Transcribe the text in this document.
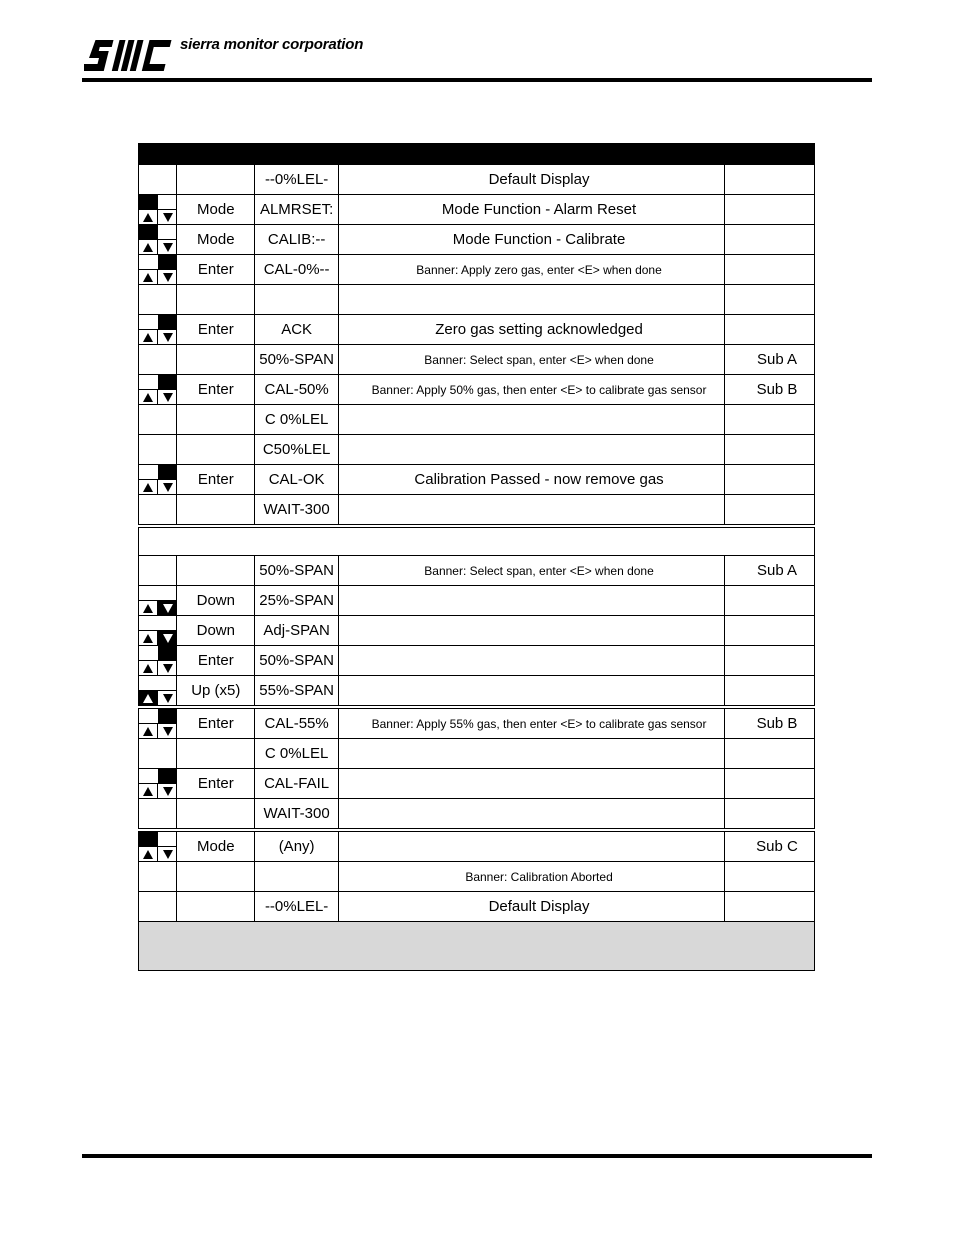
sierra monitor corporation

		--0%LEL-	Default Display	

	Mode	ALMRSET:	Mode Function - Alarm Reset	

	Mode	CALIB:--	Mode Function - Calibrate	

	Enter	CAL-0%--	Banner: Apply zero gas, enter <E> when done	

	Enter	ACK	Zero gas setting acknowledged	
		50%-SPAN	Banner: Select span, enter <E> when done	Sub A

	Enter	CAL-50%	Banner: Apply 50% gas, then enter <E> to calibrate gas sensor	Sub B
		C 0%LEL		
		C50%LEL		

	Enter	CAL-OK	Calibration Passed - now remove gas	
		WAIT-300		

		50%-SPAN	Banner: Select span, enter <E> when done	Sub A

	Down	25%-SPAN		

	Down	Adj-SPAN		

	Enter	50%-SPAN		

	Up (x5)	55%-SPAN		

	Enter	CAL-55%	Banner: Apply 55% gas, then enter <E> to calibrate gas sensor	Sub B
		C 0%LEL		

	Enter	CAL-FAIL		
		WAIT-300		

	Mode	(Any)		Sub C
			Banner: Calibration Aborted	
		--0%LEL-	Default Display	
